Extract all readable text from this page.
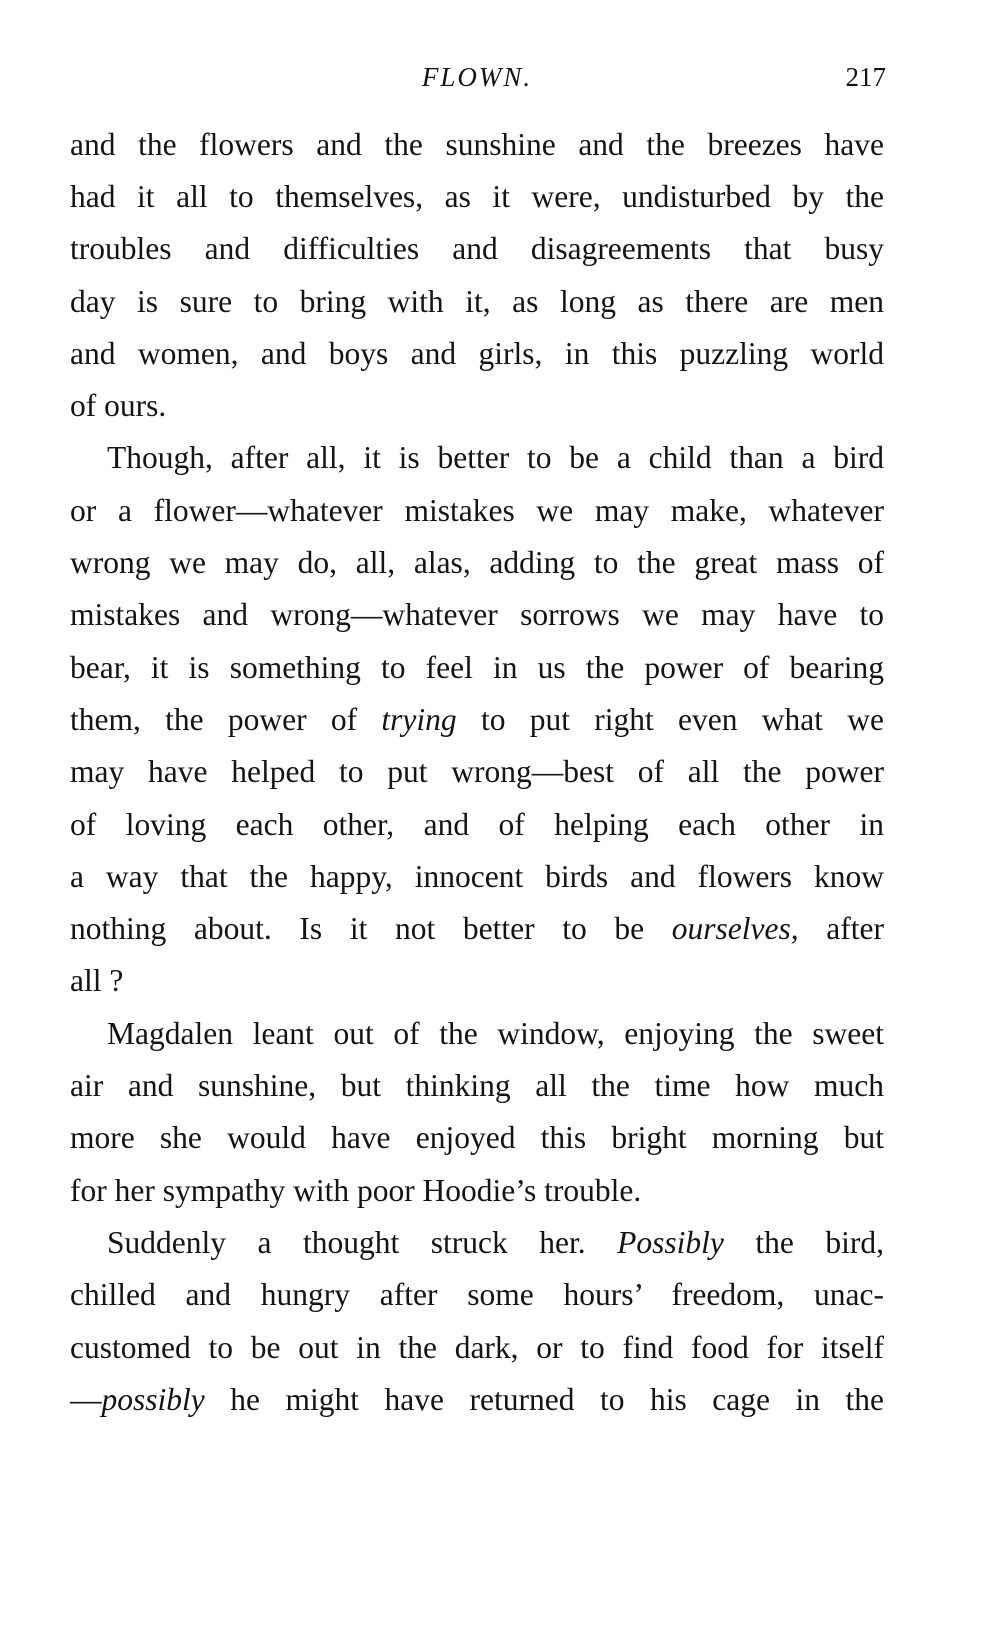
FLOWN.	217
and the flowers and the sunshine and the breezes have
had it all to themselves, as it were, undisturbed by the
troubles and difficulties and disagreements that busy
day is sure to bring with it, as long as there are men
and women, and boys and girls, in this puzzling world
of ours.
Though, after all, it is better to be a child than a bird
or a flower—whatever mistakes we may make, whatever
wrong we may do, all, alas, adding to the great mass of
mistakes and wrong—whatever sorrows we may have to
bear, it is something to feel in us the power of bearing
them, the power of trying to put right even what we
may have helped to put wrong—best of all the power
of loving each other, and of helping each other in
a way that the happy, innocent birds and flowers know
nothing about. Is it not better to be ourselves, after
all ?
Magdalen leant out of the window, enjoying the sweet
air and sunshine, but thinking all the time how much
more she would have enjoyed this bright morning but
for her sympathy with poor Hoodie’s trouble.
Suddenly a thought struck her. Possibly the bird,
chilled and hungry after some hours’ freedom, unac-
customed to be out in the dark, or to find food for itself
—possibly he might have returned to his cage in the
